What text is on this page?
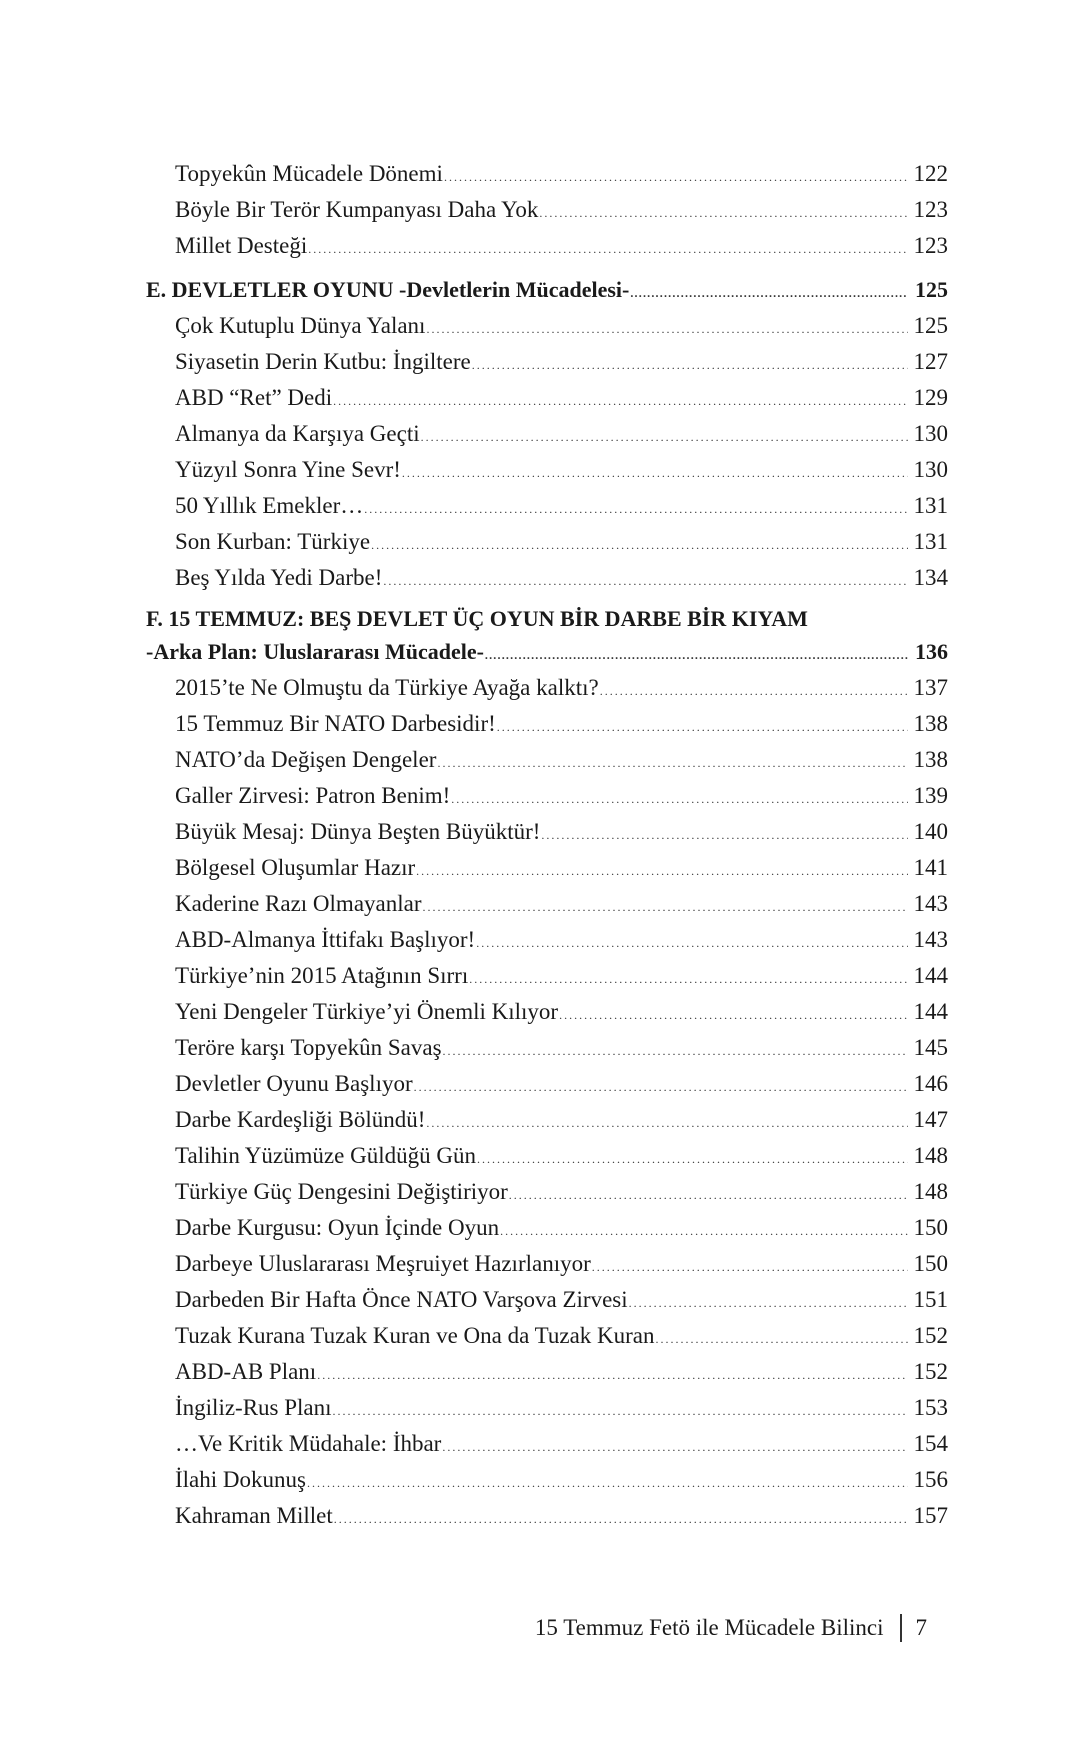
Topyekûn Mücadele Dönemi .....	122
Böyle Bir Terör Kumpanyası Daha Yok .....	123
Millet Desteği .....	123
E. DEVLETLER OYUNU -Devletlerin Mücadelesi- .....	125
Çok Kutuplu Dünya Yalanı .....	125
Siyasetin Derin Kutbu: İngiltere .....	127
ABD “Ret” Dedi .....	129
Almanya da Karşıya Geçti .....	130
Yüzyıl Sonra Yine Sevr! .....	130
50 Yıllık Emekler… .....	131
Son Kurban: Türkiye .....	131
Beş Yılda Yedi Darbe! .....	134
F. 15 TEMMUZ: BEŞ DEVLET ÜÇ OYUN BİR DARBE BİR KIYAM
-Arka Plan: Uluslararası Mücadele- .....	136
2015’te Ne Olmuştu da Türkiye Ayağa kalktı? .....	137
15 Temmuz Bir NATO Darbesidir! .....	138
NATO’da Değişen Dengeler .....	138
Galler Zirvesi: Patron Benim! .....	139
Büyük Mesaj: Dünya Beşten Büyüktür! .....	140
Bölgesel Oluşumlar Hazır .....	141
Kaderine Razı Olmayanlar .....	143
ABD-Almanya İttifakı Başlıyor! .....	143
Türkiye’nin 2015 Atağının Sırrı .....	144
Yeni Dengeler Türkiye’yi Önemli Kılıyor .....	144
Teröre karşı Topyekûn Savaş .....	145
Devletler Oyunu Başlıyor .....	146
Darbe Kardeşliği Bölündü! .....	147
Talihin Yüzümüze Güldüğü Gün .....	148
Türkiye Güç Dengesini Değiştiriyor .....	148
Darbe Kurgusu: Oyun İçinde Oyun .....	150
Darbeye Uluslararası Meşruiyet Hazırlanıyor .....	150
Darbeden Bir Hafta Önce NATO Varşova Zirvesi .....	151
Tuzak Kurana Tuzak Kuran ve Ona da Tuzak Kuran .....	152
ABD-AB Planı .....	152
İngiliz-Rus Planı .....	153
…Ve Kritik Müdahale: İhbar .....	154
İlahi Dokunuş .....	156
Kahraman Millet .....	157
15 Temmuz Fetö ile Mücadele Bilinci 7
